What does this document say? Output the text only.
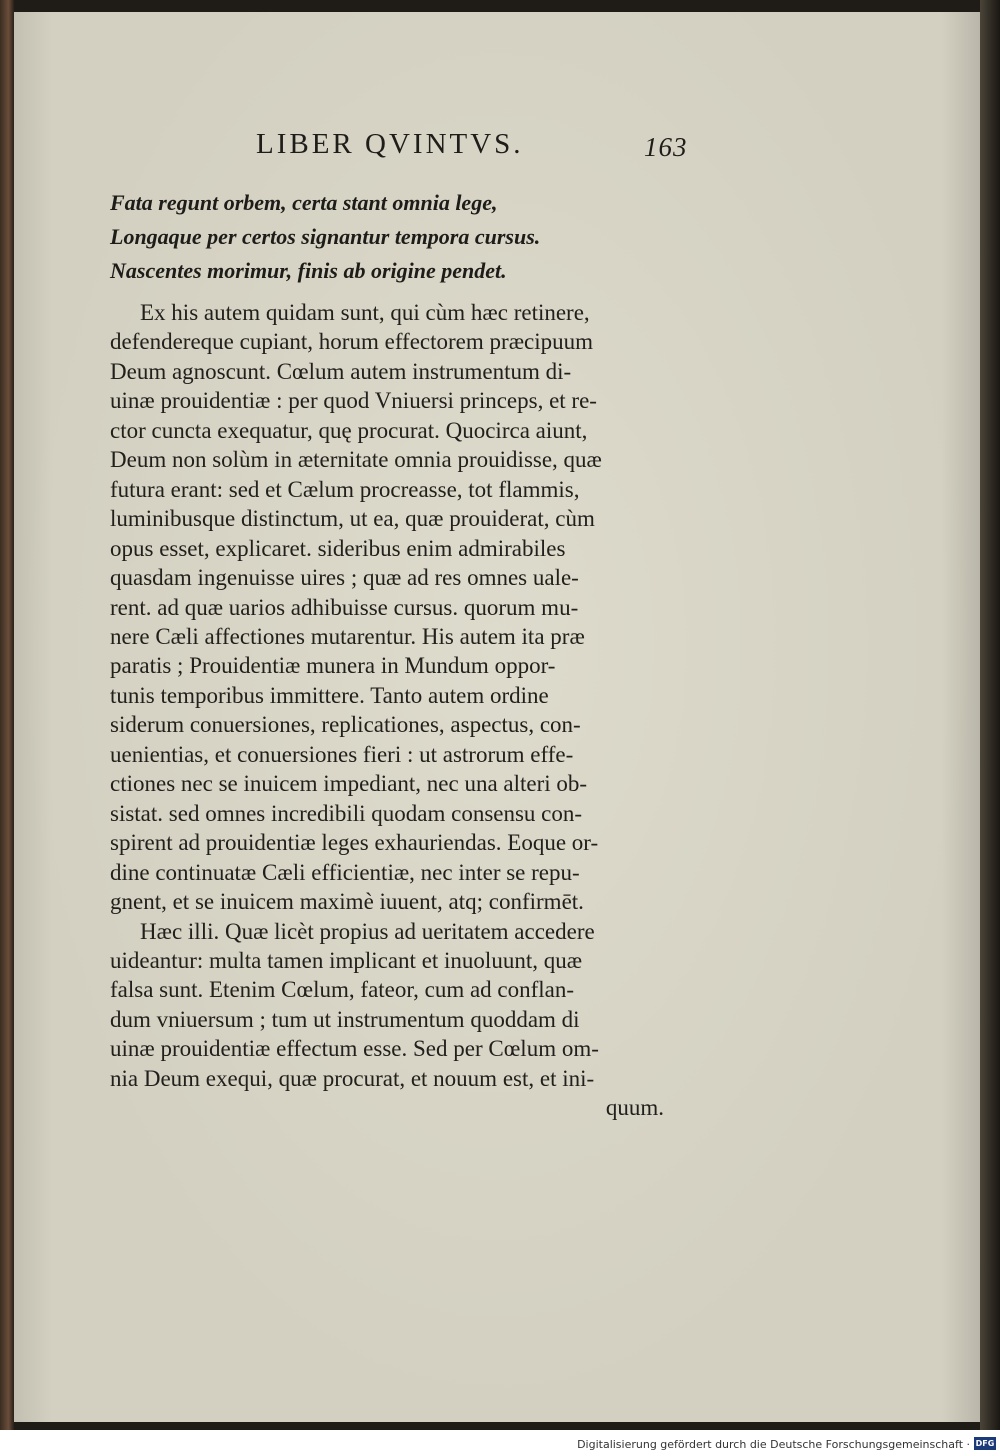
LIBER QVINTVS.	163
Fata regunt orbem, certa stant omnia lege,
Longaque per certos signantur tempora cursus.
Nascentes morimur, finis ab origine pendet.
Ex his autem quidam sunt, qui cùm hæc retinere,
defendereque cupiant, horum effectorem præcipuum
Deum agnoscunt. Cœlum autem instrumentum di-
uinæ prouidentiæ : per quod Vniuersi princeps, et re-
ctor cuncta exequatur, quę procurat. Quocirca aiunt,
Deum non solùm in æternitate omnia prouidisse, quæ
futura erant: sed et Cælum procreasse, tot flammis,
luminibusque distinctum, ut ea, quæ prouiderat, cùm
opus esset, explicaret. sideribus enim admirabiles
quasdam ingenuisse uires ; quæ ad res omnes uale-
rent. ad quæ uarios adhibuisse cursus. quorum mu-
nere Cæli affectiones mutarentur. His autem ita præ
paratis ; Prouidentiæ munera in Mundum oppor-
tunis temporibus immittere. Tanto autem ordine
siderum conuersiones, replicationes, aspectus, con-
uenientias, et conuersiones fieri : ut astrorum effe-
ctiones nec se inuicem impediant, nec una alteri ob-
sistat. sed omnes incredibili quodam consensu con-
spirent ad prouidentiæ leges exhauriendas. Eoque or-
dine continuatæ Cæli efficientiæ, nec inter se repu-
gnent, et se inuicem maximè iuuent, atq; confirmēt.
Hæc illi. Quæ licèt propius ad ueritatem accedere
uideantur: multa tamen implicant et inuoluunt, quæ
falsa sunt. Etenim Cœlum, fateor, cum ad conflan-
dum vniuersum ; tum ut instrumentum quoddam di
uinæ prouidentiæ effectum esse. Sed per Cœlum om-
nia Deum exequi, quæ procurat, et nouum est, et ini-
quum.
Digitalisierung gefördert durch die Deutsche Forschungsgemeinschaft · DFG
